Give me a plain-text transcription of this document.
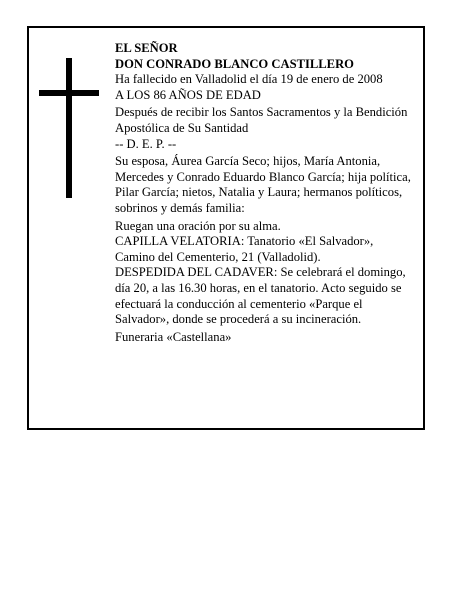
EL SEÑOR

DON CONRADO BLANCO CASTILLERO

Ha fallecido en Valladolid el día 19 de enero de 2008

A LOS 86 AÑOS DE EDAD

Después de recibir los Santos Sacramentos y la Bendición Apostólica de Su Santidad

-- D. E. P. --

Su esposa, Áurea García Seco; hijos, María Antonia, Mercedes y Conrado Eduardo Blanco García; hija política, Pilar García; nietos, Natalia y Laura; hermanos políticos, sobrinos y demás familia:

Ruegan una oración por su alma.

CAPILLA VELATORIA: Tanatorio «El Salvador», Camino del Cementerio, 21 (Valladolid).

DESPEDIDA DEL CADAVER: Se celebrará el domingo, día 20, a las 16.30 horas, en el tanatorio. Acto seguido se efectuará la conducción al cementerio «Parque el Salvador», donde se procederá a su incineración.

Funeraria «Castellana»
